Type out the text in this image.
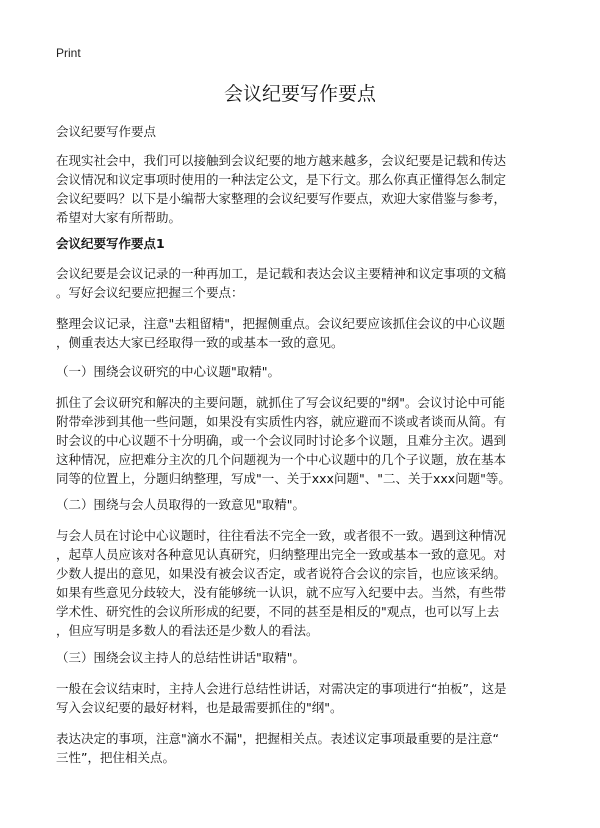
Print
会议纪要写作要点
会议纪要写作要点
在现实社会中，我们可以接触到会议纪要的地方越来越多，会议纪要是记载和传达
会议情况和议定事项时使用的一种法定公文，是下行文。那么你真正懂得怎么制定
会议纪要吗？以下是小编帮大家整理的会议纪要写作要点，欢迎大家借鉴与参考，
希望对大家有所帮助。
会议纪要写作要点1
会议纪要是会议记录的一种再加工，是记载和表达会议主要精神和议定事项的文稿
。写好会议纪要应把握三个要点：
整理会议记录，注意"去粗留精"，把握侧重点。会议纪要应该抓住会议的中心议题
，侧重表达大家已经取得一致的或基本一致的意见。
（一）围绕会议研究的中心议题"取精"。
抓住了会议研究和解决的主要问题，就抓住了写会议纪要的"纲"。会议讨论中可能
附带牵涉到其他一些问题，如果没有实质性内容，就应避而不谈或者谈而从简。有
时会议的中心议题不十分明确，或一个会议同时讨论多个议题，且难分主次。遇到
这种情况，应把难分主次的几个问题视为一个中心议题中的几个子议题，放在基本
同等的位置上，分题归纳整理，写成"一、关于xxx问题"、"二、关于xxx问题"等。
（二）围绕与会人员取得的一致意见"取精"。
与会人员在讨论中心议题时，往往看法不完全一致，或者很不一致。遇到这种情况
，起草人员应该对各种意见认真研究，归纳整理出完全一致或基本一致的意见。对
少数人提出的意见，如果没有被会议否定，或者说符合会议的宗旨，也应该采纳。
如果有些意见分歧较大，没有能够统一认识，就不应写入纪要中去。当然，有些带
学术性、研究性的会议所形成的纪要，不同的甚至是相反的"观点，也可以写上去
，但应写明是多数人的看法还是少数人的看法。
（三）围绕会议主持人的总结性讲话"取精"。
一般在会议结束时，主持人会进行总结性讲话，对需决定的事项进行“拍板”，这是
写入会议纪要的最好材料，也是最需要抓住的"纲"。
表达决定的事项，注意"滴水不漏"，把握相关点。表述议定事项最重要的是注意“
三性”，把住相关点。
